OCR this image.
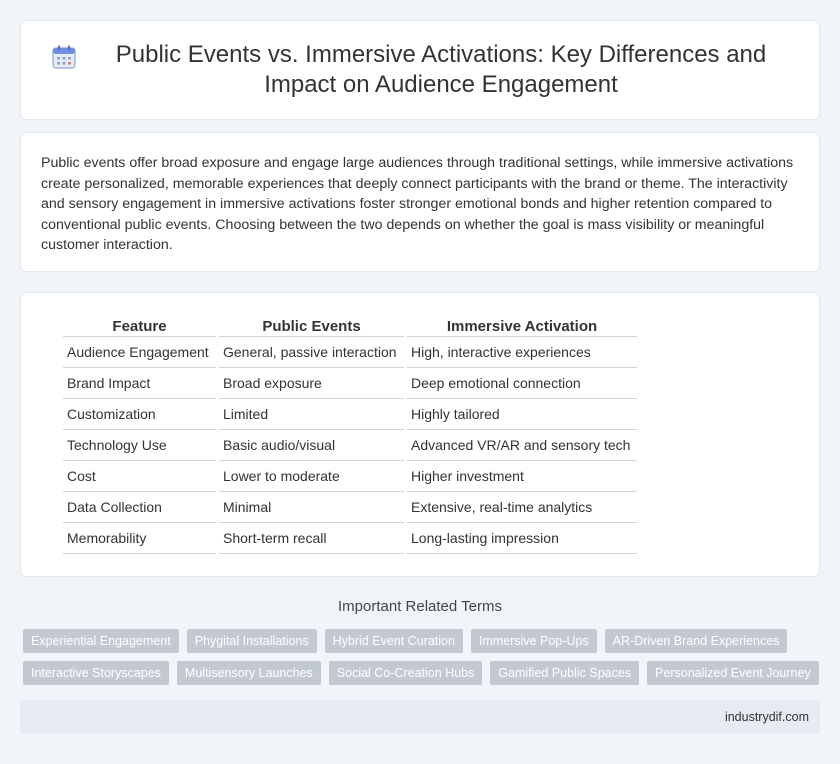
Public Events vs. Immersive Activations: Key Differences and Impact on Audience Engagement

Public events offer broad exposure and engage large audiences through traditional settings, while immersive activations create personalized, memorable experiences that deeply connect participants with the brand or theme. The interactivity and sensory engagement in immersive activations foster stronger emotional bonds and higher retention compared to conventional public events. Choosing between the two depends on whether the goal is mass visibility or meaningful customer interaction.

Feature	Public Events	Immersive Activation
Audience Engagement	General, passive interaction	High, interactive experiences
Brand Impact	Broad exposure	Deep emotional connection
Customization	Limited	Highly tailored
Technology Use	Basic audio/visual	Advanced VR/AR and sensory tech
Cost	Lower to moderate	Higher investment
Data Collection	Minimal	Extensive, real-time analytics
Memorability	Short-term recall	Long-lasting impression
Important Related Terms
Experiential Engagement	Phygital Installations	Hybrid Event Curation	Immersive Pop-Ups	AR-Driven Brand Experiences
Interactive Storyscapes	Multisensory Launches	Social Co-Creation Hubs	Gamified Public Spaces	Personalized Event Journey
industrydif.com
